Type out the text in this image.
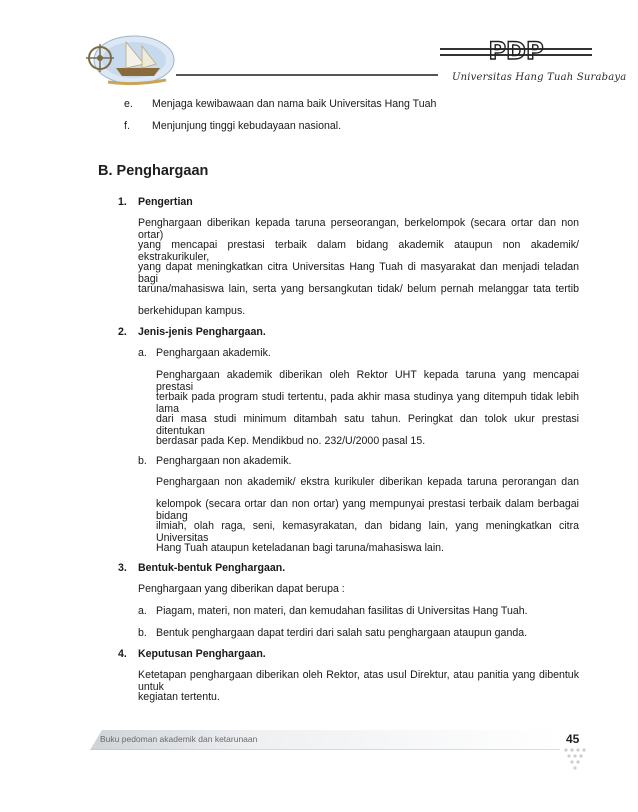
PDP
Universitas Hang Tuah Surabaya
e. Menjaga kewibawaan dan nama baik Universitas Hang Tuah
f. Menjunjung tinggi kebudayaan nasional.
B. Penghargaan
1. Pengertian
Penghargaan diberikan kepada taruna perseorangan, berkelompok (secara ortar dan non ortar)
yang mencapai prestasi terbaik dalam bidang akademik ataupun non akademik/ ekstrakurikuler,
yang dapat meningkatkan citra Universitas Hang Tuah di masyarakat dan menjadi teladan bagi
taruna/mahasiswa lain, serta yang bersangkutan tidak/ belum pernah melanggar tata tertib
berkehidupan kampus.
2. Jenis-jenis Penghargaan.
a. Penghargaan akademik.
Penghargaan akademik diberikan oleh Rektor UHT kepada taruna yang mencapai prestasi
terbaik pada program studi tertentu, pada akhir masa studinya yang ditempuh tidak lebih lama
dari masa studi minimum ditambah satu tahun. Peringkat dan tolok ukur prestasi ditentukan
berdasar pada Kep. Mendikbud no. 232/U/2000 pasal 15.
b. Penghargaan non akademik.
Penghargaan non akademik/ ekstra kurikuler diberikan kepada taruna perorangan dan
kelompok (secara ortar dan non ortar) yang mempunyai prestasi terbaik dalam berbagai bidang
ilmiah, olah raga, seni, kemasyrakatan, dan bidang lain, yang meningkatkan citra Universitas
Hang Tuah ataupun keteladanan bagi taruna/mahasiswa lain.
3. Bentuk-bentuk Penghargaan.
Penghargaan yang diberikan dapat berupa :
a. Piagam, materi, non materi, dan kemudahan fasilitas di Universitas Hang Tuah.
b. Bentuk penghargaan dapat terdiri dari salah satu penghargaan ataupun ganda.
4. Keputusan Penghargaan.
Ketetapan penghargaan diberikan oleh Rektor, atas usul Direktur, atau panitia yang dibentuk untuk
kegiatan tertentu.
Buku pedoman akademik dan ketarunaan	45
